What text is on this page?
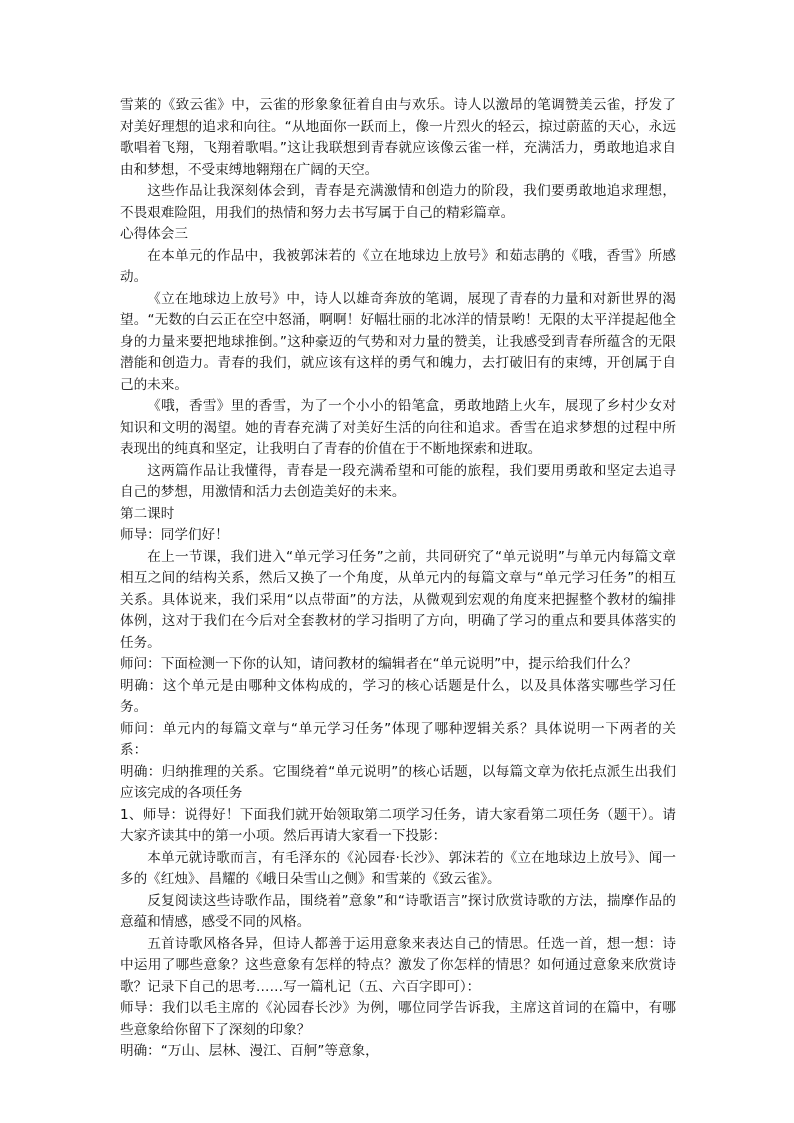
雪莱的《致云雀》中，云雀的形象象征着自由与欢乐。诗人以激昂的笔调赞美云雀，抒发了对美好理想的追求和向往。“从地面你一跃而上，像一片烈火的轻云，掠过蔚蓝的天心，永远歌唱着飞翔，飞翔着歌唱。”这让我联想到青春就应该像云雀一样，充满活力，勇敢地追求自由和梦想，不受束缚地翱翔在广阔的天空。

这些作品让我深刻体会到，青春是充满激情和创造力的阶段，我们要勇敢地追求理想，不畏艰难险阻，用我们的热情和努力去书写属于自己的精彩篇章。

心得体会三

在本单元的作品中，我被郭沫若的《立在地球边上放号》和茹志鹃的《哦，香雪》所感动。

《立在地球边上放号》中，诗人以雄奇奔放的笔调，展现了青春的力量和对新世界的渴望。“无数的白云正在空中怒涌，啊啊！好幅壮丽的北冰洋的情景哟！无限的太平洋提起他全身的力量来要把地球推倒。”这种豪迈的气势和对力量的赞美，让我感受到青春所蕴含的无限潜能和创造力。青春的我们，就应该有这样的勇气和魄力，去打破旧有的束缚，开创属于自己的未来。

《哦，香雪》里的香雪，为了一个小小的铅笔盒，勇敢地踏上火车，展现了乡村少女对知识和文明的渴望。她的青春充满了对美好生活的向往和追求。香雪在追求梦想的过程中所表现出的纯真和坚定，让我明白了青春的价值在于不断地探索和进取。

这两篇作品让我懂得，青春是一段充满希望和可能的旅程，我们要用勇敢和坚定去追寻自己的梦想，用激情和活力去创造美好的未来。

第二课时

师导：同学们好！

在上一节课，我们进入“单元学习任务”之前，共同研究了“单元说明”与单元内每篇文章相互之间的结构关系，然后又换了一个角度，从单元内的每篇文章与“单元学习任务”的相互关系。具体说来，我们采用“以点带面”的方法，从微观到宏观的角度来把握整个教材的编排体例，这对于我们在今后对全套教材的学习指明了方向，明确了学习的重点和要具体落实的任务。

师问：下面检测一下你的认知，请问教材的编辑者在“单元说明”中，提示给我们什么？

明确：这个单元是由哪种文体构成的，学习的核心话题是什么，以及具体落实哪些学习任务。

师问：单元内的每篇文章与“单元学习任务”体现了哪种逻辑关系？具体说明一下两者的关系：

明确：归纳推理的关系。它围绕着“单元说明”的核心话题，以每篇文章为依托点派生出我们应该完成的各项任务

1、师导：说得好！下面我们就开始领取第二项学习任务，请大家看第二项任务（题干）。请大家齐读其中的第一小项。然后再请大家看一下投影：

本单元就诗歌而言，有毛泽东的《沁园春·长沙》、郭沫若的《立在地球边上放号》、闻一多的《红烛》、昌耀的《峨日朵雪山之侧》和雪莱的《致云雀》。

反复阅读这些诗歌作品，围绕着”意象”和“诗歌语言”探讨欣赏诗歌的方法，揣摩作品的意蕴和情感，感受不同的风格。

五首诗歌风格各异，但诗人都善于运用意象来表达自己的情思。任选一首，想一想：诗中运用了哪些意象？这些意象有怎样的特点？激发了你怎样的情思？如何通过意象来欣赏诗歌？记录下自己的思考……写一篇札记（五、六百字即可）：

师导：我们以毛主席的《沁园春长沙》为例，哪位同学告诉我，主席这首词的在篇中，有哪些意象给你留下了深刻的印象？

明确：“万山、层林、漫江、百舸”等意象，
